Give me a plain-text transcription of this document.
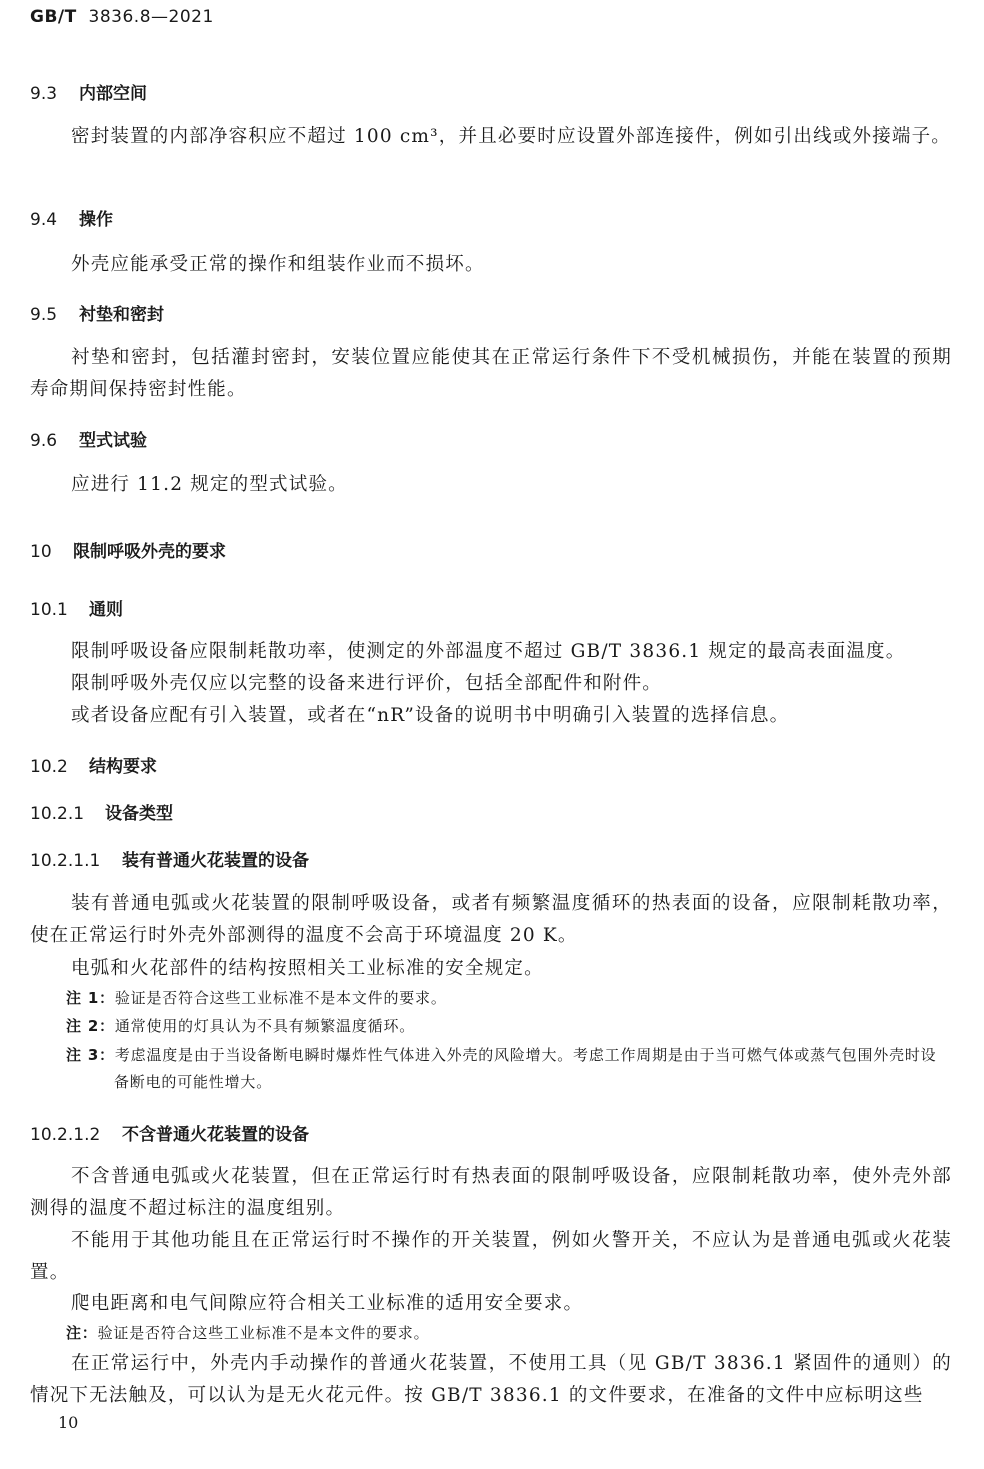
GB/T 3836.8—2021
9.3 内部空间
密封装置的内部净容积应不超过 100 cm³，并且必要时应设置外部连接件，例如引出线或外接端子。
9.4 操作
外壳应能承受正常的操作和组装作业而不损坏。
9.5 衬垫和密封
衬垫和密封，包括灌封密封，安装位置应能使其在正常运行条件下不受机械损伤，并能在装置的预期寿命期间保持密封性能。
9.6 型式试验
应进行 11.2 规定的型式试验。
10 限制呼吸外壳的要求
10.1 通则
限制呼吸设备应限制耗散功率，使测定的外部温度不超过 GB/T 3836.1 规定的最高表面温度。
限制呼吸外壳仅应以完整的设备来进行评价，包括全部配件和附件。
或者设备应配有引入装置，或者在“nR”设备的说明书中明确引入装置的选择信息。
10.2 结构要求
10.2.1 设备类型
10.2.1.1 装有普通火花装置的设备
装有普通电弧或火花装置的限制呼吸设备，或者有频繁温度循环的热表面的设备，应限制耗散功率，使在正常运行时外壳外部测得的温度不会高于环境温度 20 K。
电弧和火花部件的结构按照相关工业标准的安全规定。
注 1：验证是否符合这些工业标准不是本文件的要求。
注 2：通常使用的灯具认为不具有频繁温度循环。
注 3：考虑温度是由于当设备断电瞬时爆炸性气体进入外壳的风险增大。考虑工作周期是由于当可燃气体或蒸气包围外壳时设备断电的可能性增大。
10.2.1.2 不含普通火花装置的设备
不含普通电弧或火花装置，但在正常运行时有热表面的限制呼吸设备，应限制耗散功率，使外壳外部测得的温度不超过标注的温度组别。
不能用于其他功能且在正常运行时不操作的开关装置，例如火警开关，不应认为是普通电弧或火花装置。
爬电距离和电气间隙应符合相关工业标准的适用安全要求。
注：验证是否符合这些工业标准不是本文件的要求。
在正常运行中，外壳内手动操作的普通火花装置，不使用工具（见 GB/T 3836.1 紧固件的通则）的情况下无法触及，可以认为是无火花元件。按 GB/T 3836.1 的文件要求，在准备的文件中应标明这些
10
